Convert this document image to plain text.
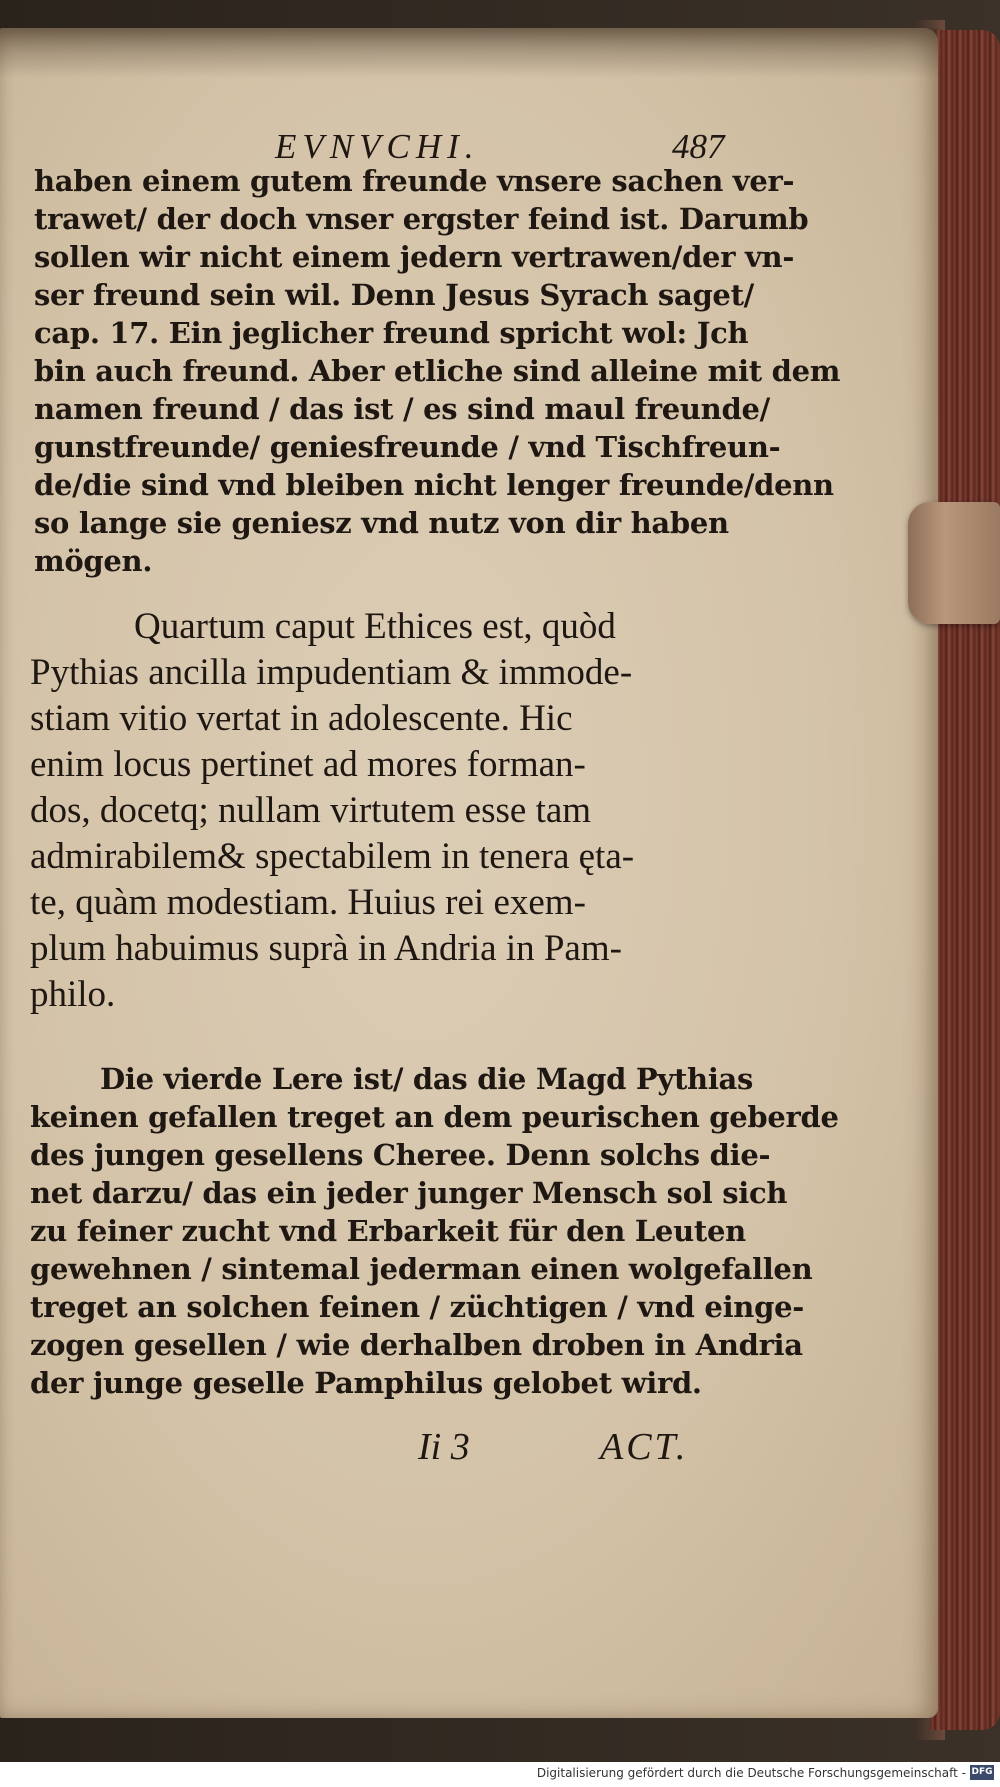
EVNVCHI.	487
haben einem gutem freunde vnsere sachen ver-
trawet/ der doch vnser ergster feind ist. Darumb
sollen wir nicht einem jedern vertrawen/der vn-
ser freund sein wil. Denn Jesus Syrach saget/
cap. 17. Ein jeglicher freund spricht wol: Jch
bin auch freund. Aber etliche sind alleine mit dem
namen freund / das ist / es sind maul freunde/
gunstfreunde/ geniesfreunde / vnd Tischfreun-
de/die sind vnd bleiben nicht lenger freunde/denn
so lange sie geniesz vnd nutz von dir haben
mögen.
Quartum caput Ethices est, quòd
Pythias ancilla impudentiam & immode-
stiam vitio vertat in adolescente. Hic
enim locus pertinet ad mores forman-
dos, docetq; nullam virtutem esse tam
admirabilem& spectabilem in tenera ęta-
te, quàm modestiam. Huius rei exem-
plum habuimus suprà in Andria in Pam-
philo.
Die vierde Lere ist/ das die Magd Pythias
keinen gefallen treget an dem peurischen geberde
des jungen gesellens Cheree. Denn solchs die-
net darzu/ das ein jeder junger Mensch sol sich
zu feiner zucht vnd Erbarkeit für den Leuten
gewehnen / sintemal jederman einen wolgefallen
treget an solchen feinen / züchtigen / vnd einge-
zogen gesellen / wie derhalben droben in Andria
der junge geselle Pamphilus gelobet wird.
Ii 3	ACT.
Digitalisierung gefördert durch die Deutsche Forschungsgemeinschaft - DFG
